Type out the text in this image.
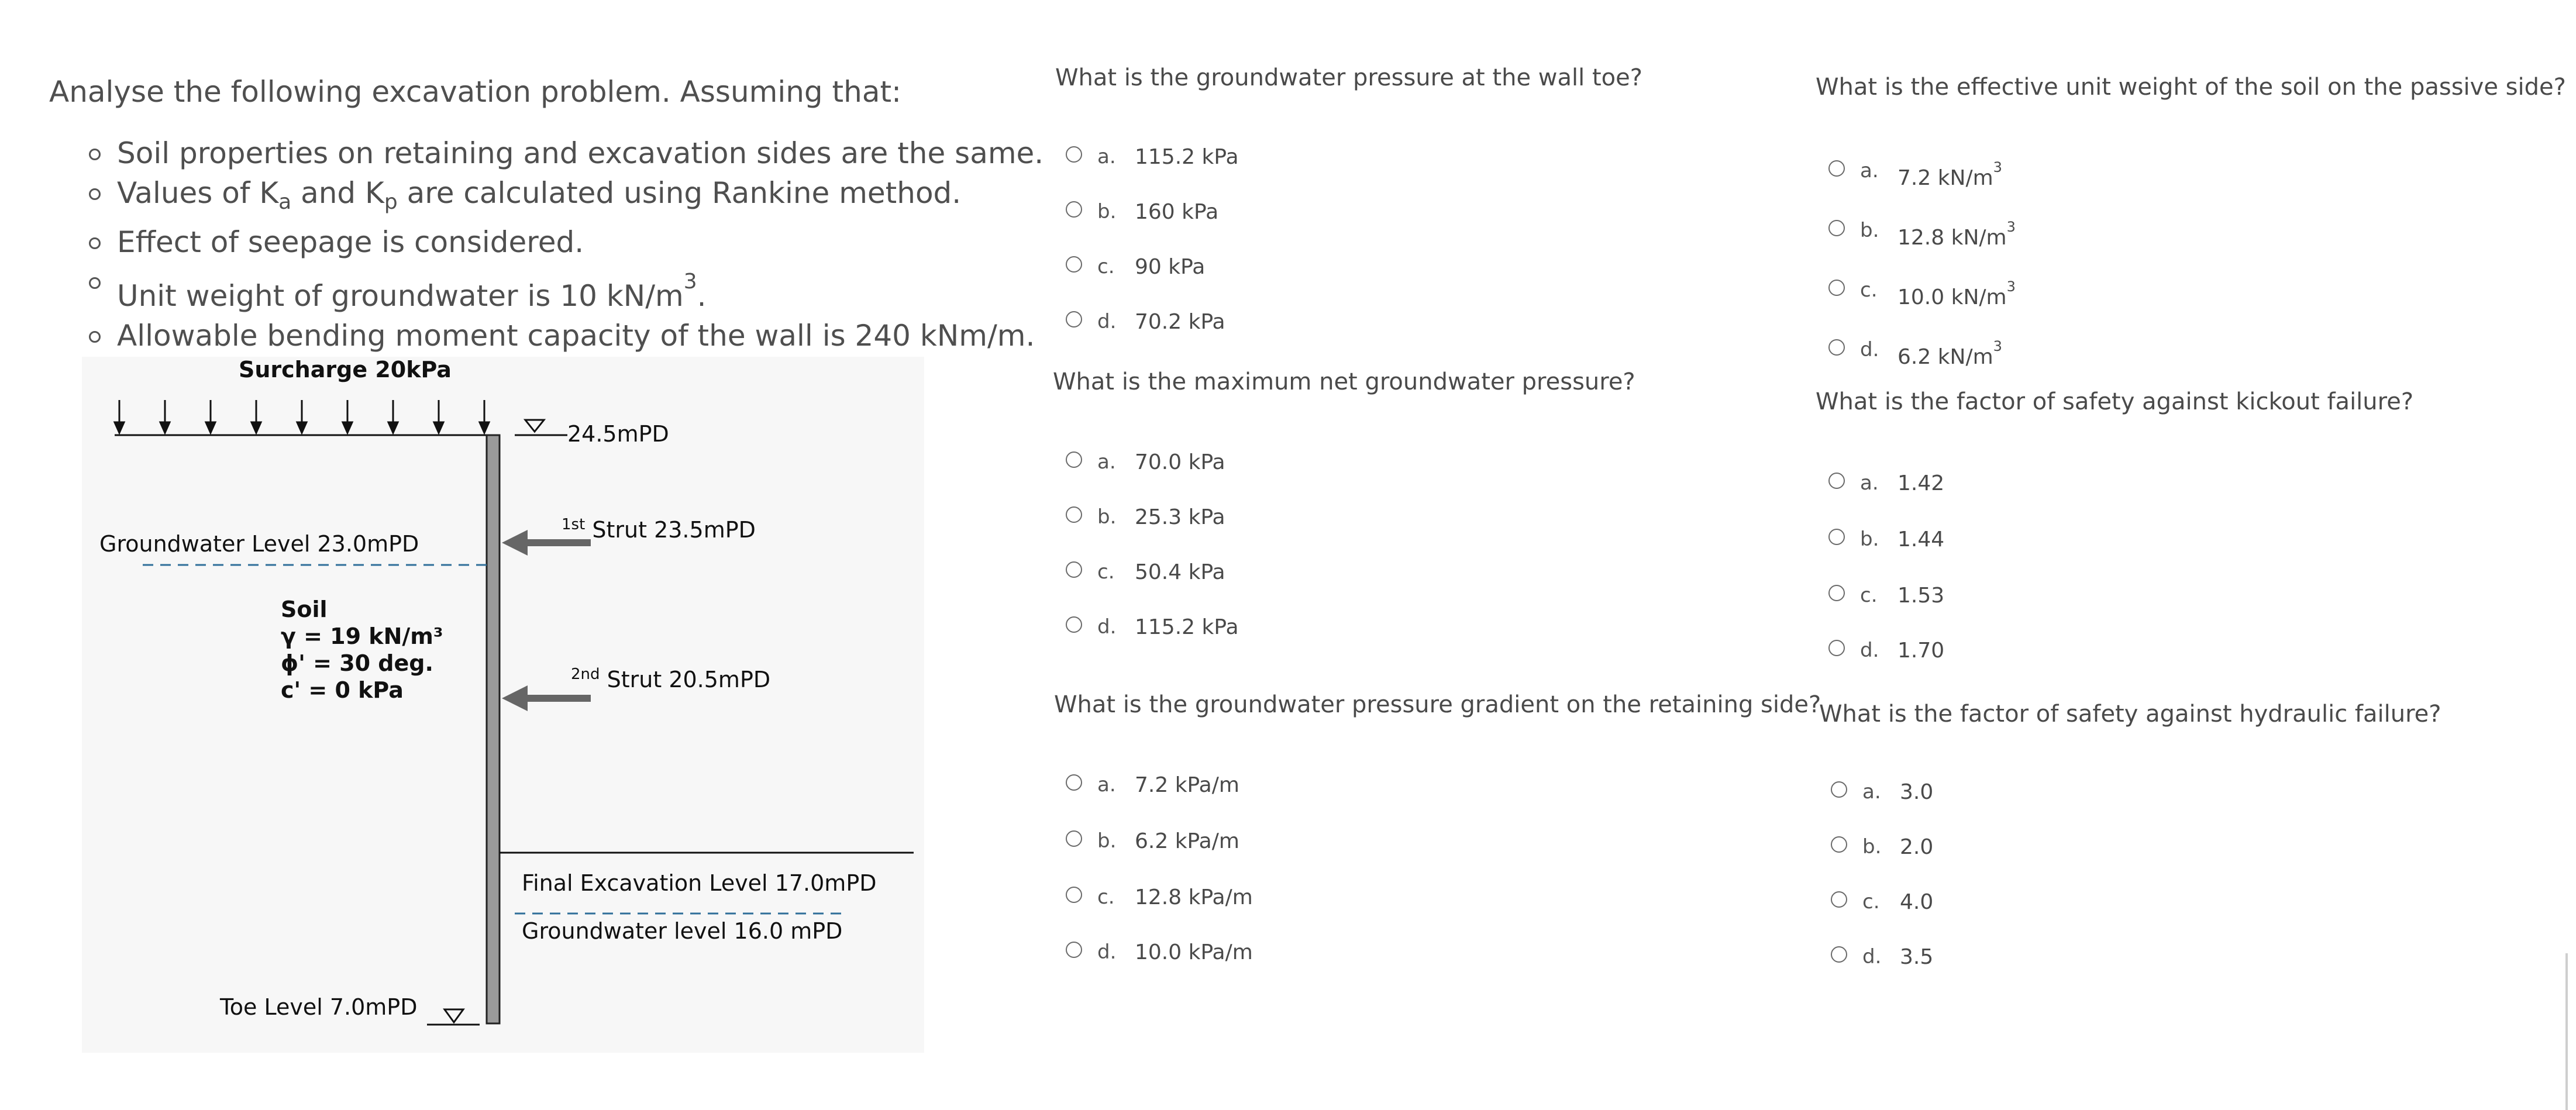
Analyse the following excavation problem. Assuming that:
Soil properties on retaining and excavation sides are the same.
Values of $K_a$ and $K_p$ are calculated using Rankine method.
Effect of seepage is considered.
Unit weight of groundwater is 10 $kN/m^3$.
Allowable bending moment capacity of the wall is 240 kNm/m.
Surcharge 20kPa
24.5mPD
Groundwater Level 23.0mPD
$^{1st}$ Strut 23.5mPD
$^{2nd}$ Strut 20.5mPD
Soil
γ = 19 kN/m³
ϕ' = 30 deg.
c' = 0 kPa
Final Excavation Level 17.0mPD
Groundwater level 16.0 mPD
Toe Level 7.0mPD
What is the groundwater pressure at the wall toe?
a. 115.2 kPa
b. 160 kPa
c. 90 kPa
d. 70.2 kPa
What is the maximum net groundwater pressure?
a. 70.0 kPa
b. 25.3 kPa
c. 50.4 kPa
d. 115.2 kPa
What is the groundwater pressure gradient on the retaining side?
a. 7.2 kPa/m
b. 6.2 kPa/m
c. 12.8 kPa/m
d. 10.0 kPa/m
What is the effective unit weight of the soil on the passive side?
a. 7.2 $kN/m^3$
b. 12.8 $kN/m^3$
c. 10.0 $kN/m^3$
d. 6.2 $kN/m^3$
What is the factor of safety against kickout failure?
a. 1.42
b. 1.44
c. 1.53
d. 1.70
What is the factor of safety against hydraulic failure?
a. 3.0
b. 2.0
c. 4.0
d. 3.5
